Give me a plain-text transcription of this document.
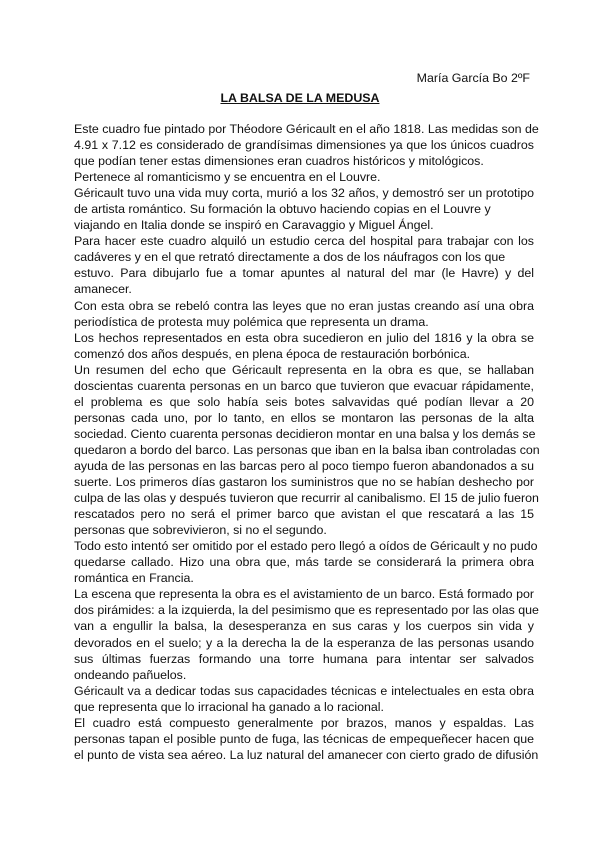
María García Bo 2ºF
LA BALSA DE LA MEDUSA
Este cuadro fue pintado por Théodore Géricault en el año 1818. Las medidas son de
4.91 x 7.12 es considerado de grandísimas dimensiones ya que los únicos cuadros
que podían tener estas dimensiones eran cuadros históricos y mitológicos.
Pertenece al romanticismo y se encuentra en el Louvre.
Géricault tuvo una vida muy corta, murió a los 32 años, y demostró ser un prototipo
de artista romántico. Su formación la obtuvo haciendo copias en el Louvre y
viajando en Italia donde se inspiró en Caravaggio y Miguel Ángel.
Para hacer este cuadro alquiló un estudio cerca del hospital para trabajar con los
cadáveres y en el que retrató directamente a dos de los náufragos con los que
estuvo. Para dibujarlo fue a tomar apuntes al natural del mar (le Havre) y del
amanecer.
Con esta obra se rebeló contra las leyes que no eran justas creando así una obra
periodística de protesta muy polémica que representa un drama.
Los hechos representados en esta obra sucedieron en julio del 1816 y la obra se
comenzó dos años después, en plena época de restauración borbónica.
Un resumen del echo que Géricault representa en la obra es que, se hallaban
doscientas cuarenta personas en un barco que tuvieron que evacuar rápidamente,
el problema es que solo había seis botes salvavidas qué podían llevar a 20
personas cada uno, por lo tanto, en ellos se montaron las personas de la alta
sociedad. Ciento cuarenta personas decidieron montar en una balsa y los demás se
quedaron a bordo del barco. Las personas que iban en la balsa iban controladas con
ayuda de las personas en las barcas pero al poco tiempo fueron abandonados a su
suerte. Los primeros días gastaron los suministros que no se habían deshecho por
culpa de las olas y después tuvieron que recurrir al canibalismo. El 15 de julio fueron
rescatados pero no será el primer barco que avistan el que rescatará a las 15
personas que sobrevivieron, si no el segundo.
Todo esto intentó ser omitido por el estado pero llegó a oídos de Géricault y no pudo
quedarse callado. Hizo una obra que, más tarde se considerará la primera obra
romántica en Francia.
La escena que representa la obra es el avistamiento de un barco. Está formado por
dos pirámides: a la izquierda, la del pesimismo que es representado por las olas que
van a engullir la balsa, la desesperanza en sus caras y los cuerpos sin vida y
devorados en el suelo; y a la derecha la de la esperanza de las personas usando
sus últimas fuerzas formando una torre humana para intentar ser salvados
ondeando pañuelos.
Géricault va a dedicar todas sus capacidades técnicas e intelectuales en esta obra
que representa que lo irracional ha ganado a lo racional.
El cuadro está compuesto generalmente por brazos, manos y espaldas. Las
personas tapan el posible punto de fuga, las técnicas de empequeñecer hacen que
el punto de vista sea aéreo. La luz natural del amanecer con cierto grado de difusión
